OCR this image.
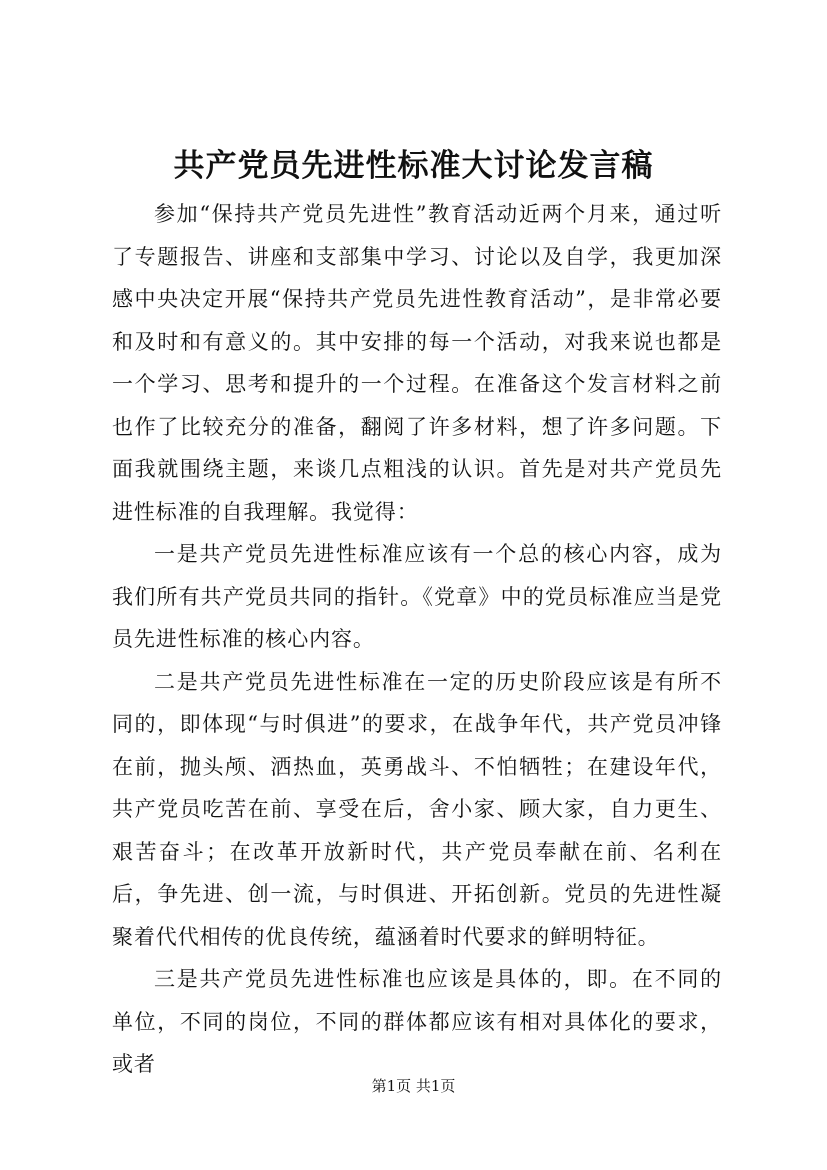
共产党员先进性标准大讨论发言稿

参加“保持共产党员先进性”教育活动近两个月来，通过听了专题报告、讲座和支部集中学习、讨论以及自学，我更加深感中央决定开展“保持共产党员先进性教育活动”，是非常必要和及时和有意义的。其中安排的每一个活动，对我来说也都是一个学习、思考和提升的一个过程。在准备这个发言材料之前也作了比较充分的准备，翻阅了许多材料，想了许多问题。下面我就围绕主题，来谈几点粗浅的认识。首先是对共产党员先进性标准的自我理解。我觉得：

一是共产党员先进性标准应该有一个总的核心内容，成为我们所有共产党员共同的指针。《党章》中的党员标准应当是党员先进性标准的核心内容。

二是共产党员先进性标准在一定的历史阶段应该是有所不同的，即体现“与时俱进”的要求，在战争年代，共产党员冲锋在前，抛头颅、洒热血，英勇战斗、不怕牺牲；在建设年代，共产党员吃苦在前、享受在后，舍小家、顾大家，自力更生、艰苦奋斗；在改革开放新时代，共产党员奉献在前、名利在后，争先进、创一流，与时俱进、开拓创新。党员的先进性凝聚着代代相传的优良传统，蕴涵着时代要求的鲜明特征。

三是共产党员先进性标准也应该是具体的，即。在不同的单位，不同的岗位，不同的群体都应该有相对具体化的要求，或者

第1页 共1页
